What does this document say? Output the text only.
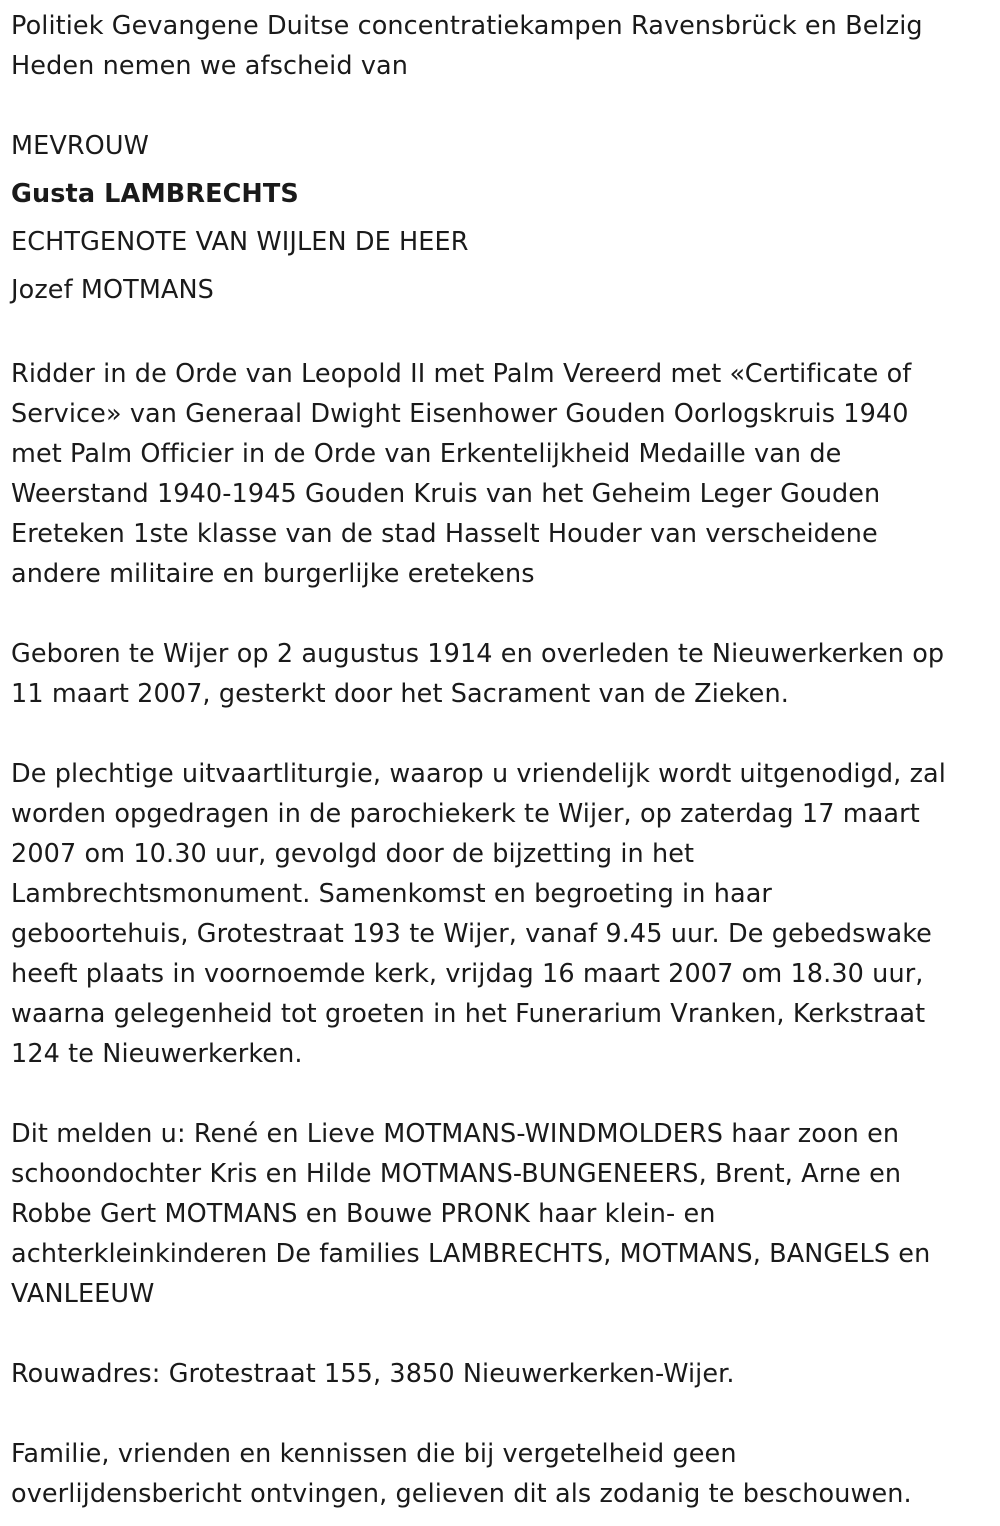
Politiek Gevangene Duitse concentratiekampen Ravensbrück en Belzig
Heden nemen we afscheid van
MEVROUW
Gusta LAMBRECHTS
ECHTGENOTE VAN WIJLEN DE HEER
Jozef MOTMANS
Ridder in de Orde van Leopold II met Palm Vereerd met «Certificate of
Service» van Generaal Dwight Eisenhower Gouden Oorlogskruis 1940
met Palm Officier in de Orde van Erkentelijkheid Medaille van de
Weerstand 1940-1945 Gouden Kruis van het Geheim Leger Gouden
Ereteken 1ste klasse van de stad Hasselt Houder van verscheidene
andere militaire en burgerlijke eretekens
Geboren te Wijer op 2 augustus 1914 en overleden te Nieuwerkerken op
11 maart 2007, gesterkt door het Sacrament van de Zieken.
De plechtige uitvaartliturgie, waarop u vriendelijk wordt uitgenodigd, zal
worden opgedragen in de parochiekerk te Wijer, op zaterdag 17 maart
2007 om 10.30 uur, gevolgd door de bijzetting in het
Lambrechtsmonument. Samenkomst en begroeting in haar
geboortehuis, Grotestraat 193 te Wijer, vanaf 9.45 uur. De gebedswake
heeft plaats in voornoemde kerk, vrijdag 16 maart 2007 om 18.30 uur,
waarna gelegenheid tot groeten in het Funerarium Vranken, Kerkstraat
124 te Nieuwerkerken.
Dit melden u: René en Lieve MOTMANS-WINDMOLDERS haar zoon en
schoondochter Kris en Hilde MOTMANS-BUNGENEERS, Brent, Arne en
Robbe Gert MOTMANS en Bouwe PRONK haar klein- en
achterkleinkinderen De families LAMBRECHTS, MOTMANS, BANGELS en
VANLEEUW
Rouwadres: Grotestraat 155, 3850 Nieuwerkerken-Wijer.
Familie, vrienden en kennissen die bij vergetelheid geen
overlijdensbericht ontvingen, gelieven dit als zodanig te beschouwen.
